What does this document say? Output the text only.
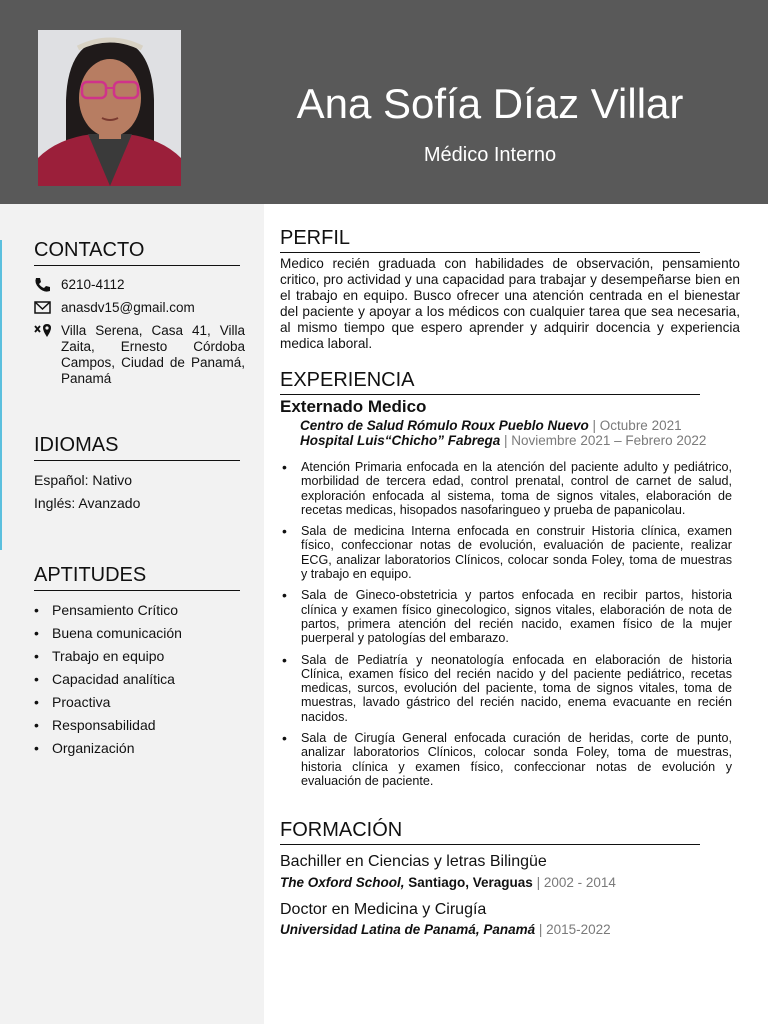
Ana Sofía Díaz Villar
Médico Interno
CONTACTO
6210-4112
anasdv15@gmail.com
Villa Serena, Casa 41, Villa Zaita, Ernesto Córdoba Campos, Ciudad de Panamá, Panamá
IDIOMAS
Español: Nativo
Inglés: Avanzado
APTITUDES
• Pensamiento Crítico
• Buena comunicación
• Trabajo en equipo
• Capacidad analítica
• Proactiva
• Responsabilidad
• Organización
PERFIL
Medico recién graduada con habilidades de observación, pensamiento critico, pro actividad y una capacidad para trabajar y desempeñarse bien en el trabajo en equipo. Busco ofrecer una atención centrada en el bienestar del paciente y apoyar a los médicos con cualquier tarea que sea necesaria, al mismo tiempo que espero aprender y adquirir docencia y experiencia medica laboral.
EXPERIENCIA
Externado Medico
Centro de Salud Rómulo Roux Pueblo Nuevo | Octubre 2021
Hospital Luis“Chicho” Fabrega | Noviembre 2021 – Febrero 2022
• Atención Primaria enfocada en la atención del paciente adulto y pediátrico, morbilidad de tercera edad, control prenatal, control de carnet de salud, exploración enfocada al sistema, toma de signos vitales, elaboración de recetas medicas, hisopados nasofaringueo y prueba de papanicolau.
• Sala de medicina Interna enfocada en construir Historia clínica, examen físico, confeccionar notas de evolución, evaluación de paciente, realizar ECG, analizar laboratorios Clínicos, colocar sonda Foley, toma de muestras y trabajo en equipo.
• Sala de Gineco-obstetricia y partos enfocada en recibir partos, historia clínica y examen físico ginecologico, signos vitales, elaboración de nota de partos, primera atención del recién nacido, examen físico de la mujer puerperal y patologías del embarazo.
• Sala de Pediatría y neonatología enfocada en elaboración de historia Clínica, examen físico del recién nacido y del paciente pediátrico, recetas medicas, surcos, evolución del paciente, toma de signos vitales, toma de muestras, lavado gástrico del recién nacido, enema evacuante en recién nacidos.
• Sala de Cirugía General enfocada curación de heridas, corte de punto, analizar laboratorios Clínicos, colocar sonda Foley, toma de muestras, historia clínica y examen físico, confeccionar notas de evolución y evaluación de paciente.
FORMACIÓN
Bachiller en Ciencias y letras Bilingüe
The Oxford School, Santiago, Veraguas | 2002 - 2014
Doctor en Medicina y Cirugía
Universidad Latina de Panamá, Panamá | 2015-2022
